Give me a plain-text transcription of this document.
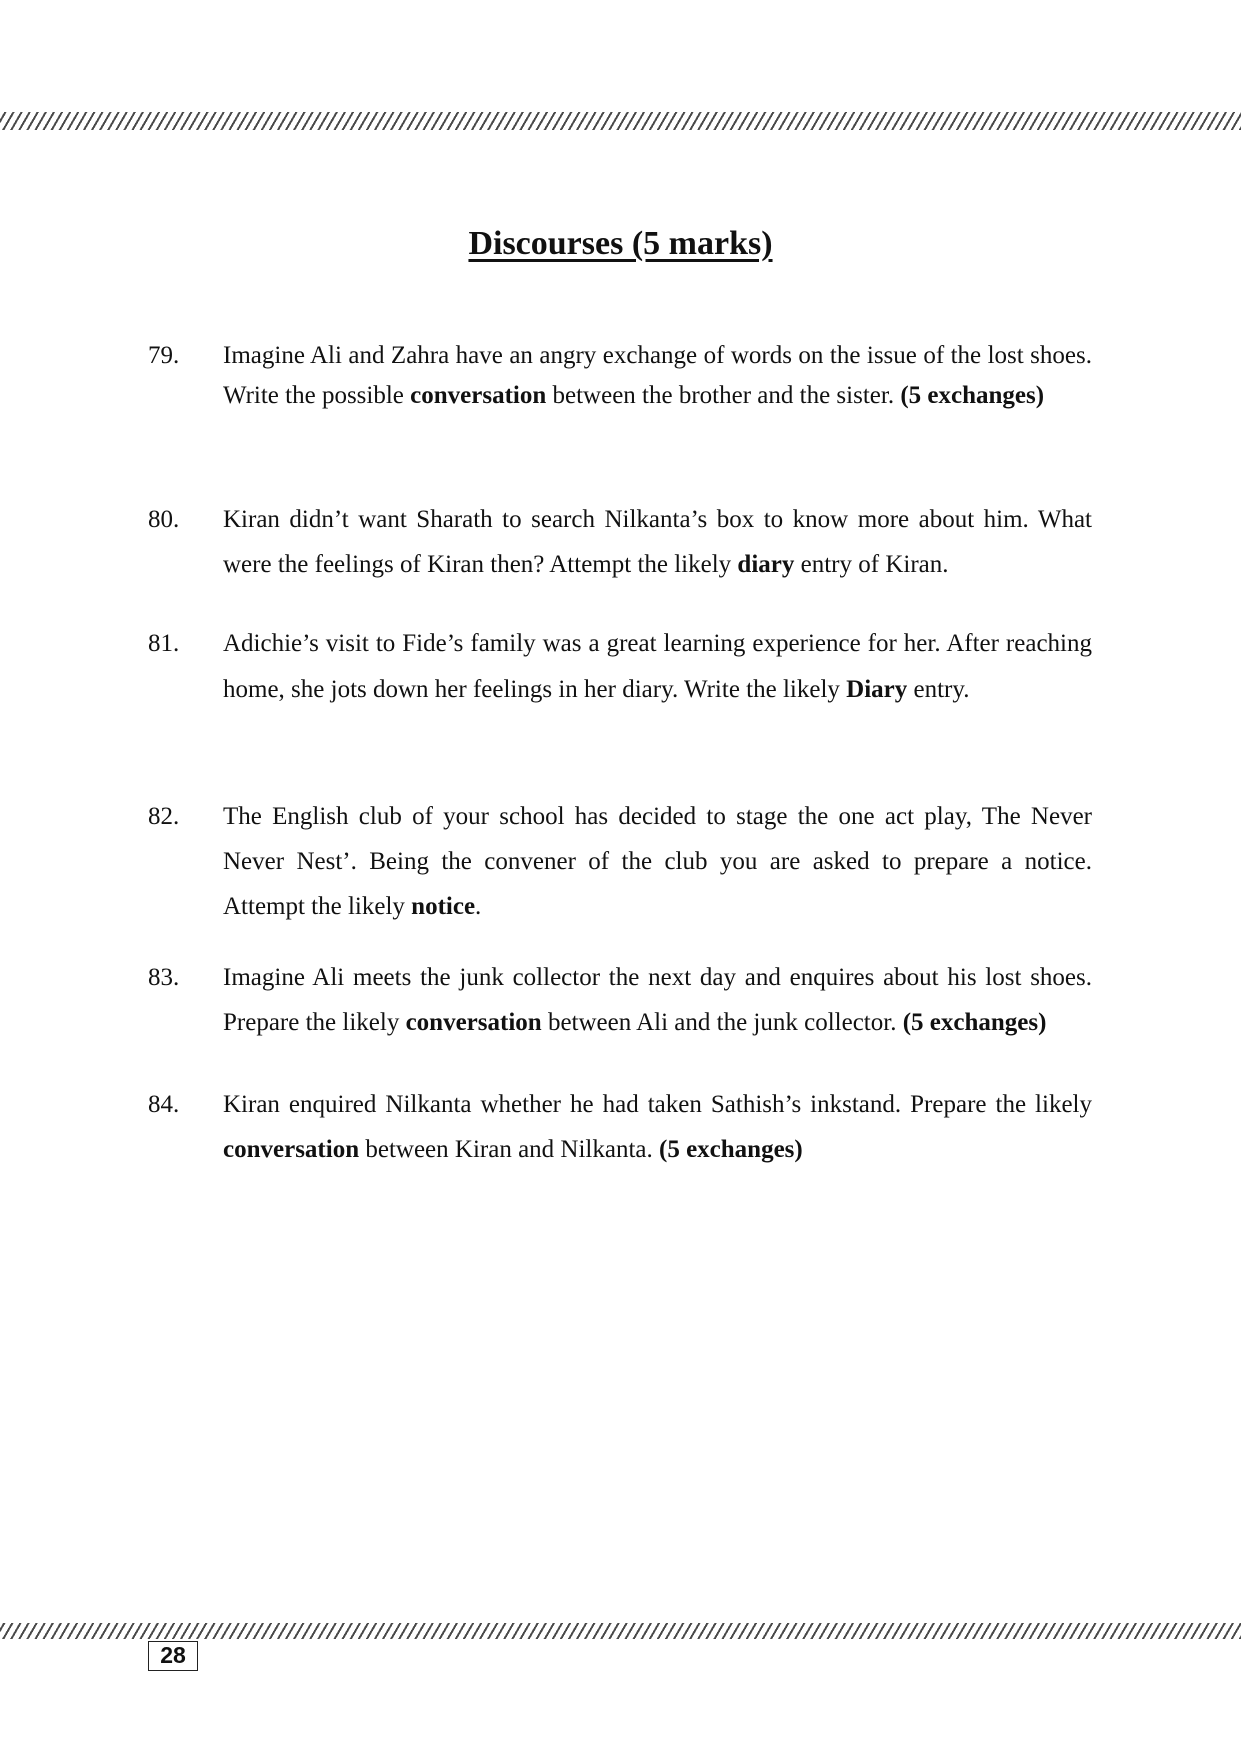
Discourses (5 marks)
79. Imagine Ali and Zahra have an angry exchange of words on the issue of the lost shoes. Write the possible conversation between the brother and the sister. (5 exchanges)
80. Kiran didn’t want Sharath to search Nilkanta’s box to know more about him. What were the feelings of Kiran then? Attempt the likely diary entry of Kiran.
81. Adichie’s visit to Fide’s family was a great learning experience for her. After reaching home, she jots down her feelings in her diary. Write the likely Diary entry.
82. The English club of your school has decided to stage the one act play, The Never Never Nest’. Being the convener of the club you are asked to prepare a notice. Attempt the likely notice.
83. Imagine Ali meets the junk collector the next day and enquires about his lost shoes. Prepare the likely conversation between Ali and the junk collector. (5 exchanges)
84. Kiran enquired Nilkanta whether he had taken Sathish’s inkstand. Prepare the likely conversation between Kiran and Nilkanta. (5 exchanges)
28
